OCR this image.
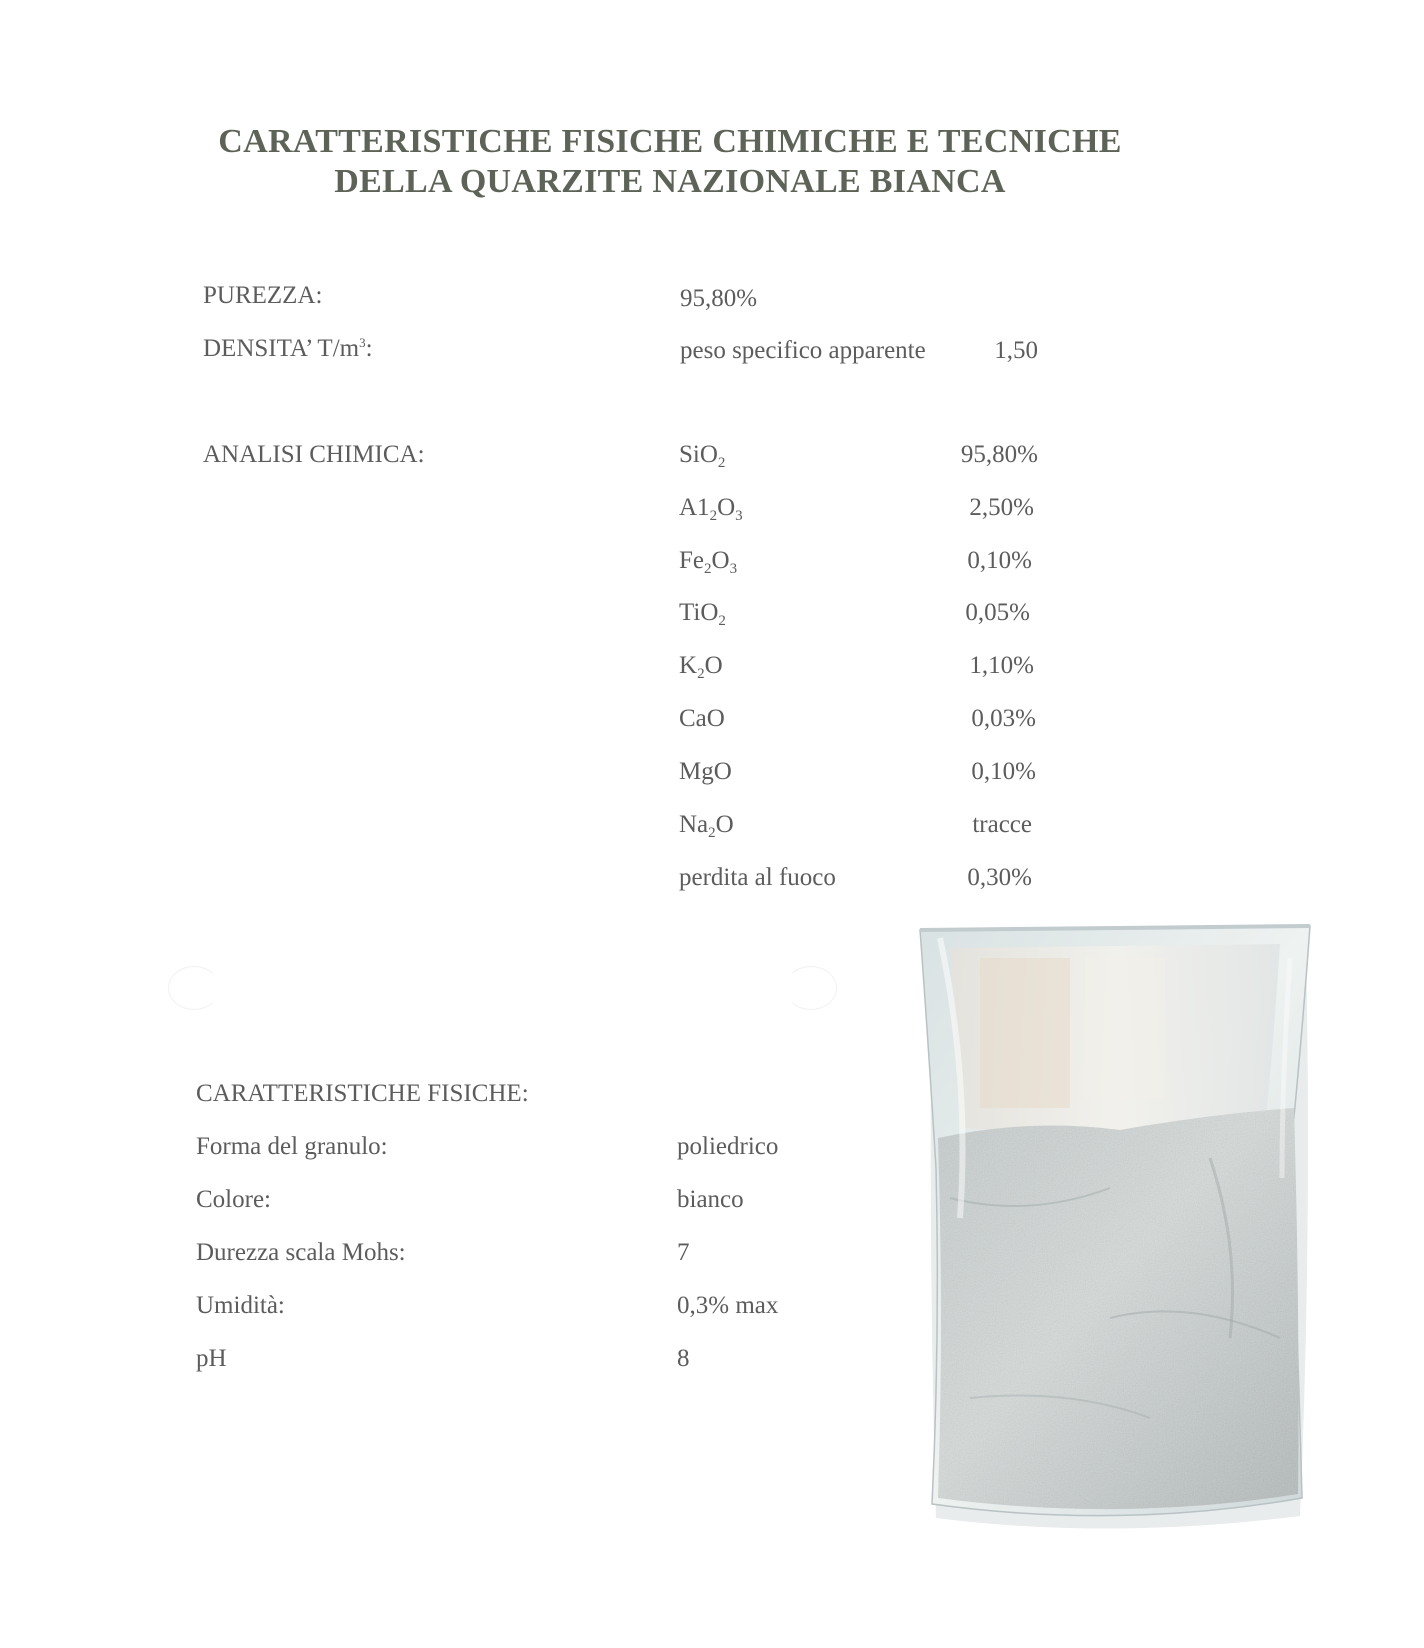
CARATTERISTICHE FISICHE CHIMICHE E TECNICHE
DELLA QUARZITE NAZIONALE BIANCA
PUREZZA:	95,80%
DENSITA’ $T/m^3$:	peso specifico apparente	1,50
ANALISI CHIMICA:	SiO$_2$	95,80%
$A1_2O_3$	2,50%
$Fe_2O_3$	0,10%
TiO$_2$	0,05%
$K_2O$	1,10%
CaO	0,03%
MgO	0,10%
$Na_2O$	tracce
perdita al fuoco	0,30%
CARATTERISTICHE FISICHE:
Forma del granulo:	poliedrico
Colore:	bianco
Durezza scala Mohs:	7
Umidità:	0,3% max
pH	8
